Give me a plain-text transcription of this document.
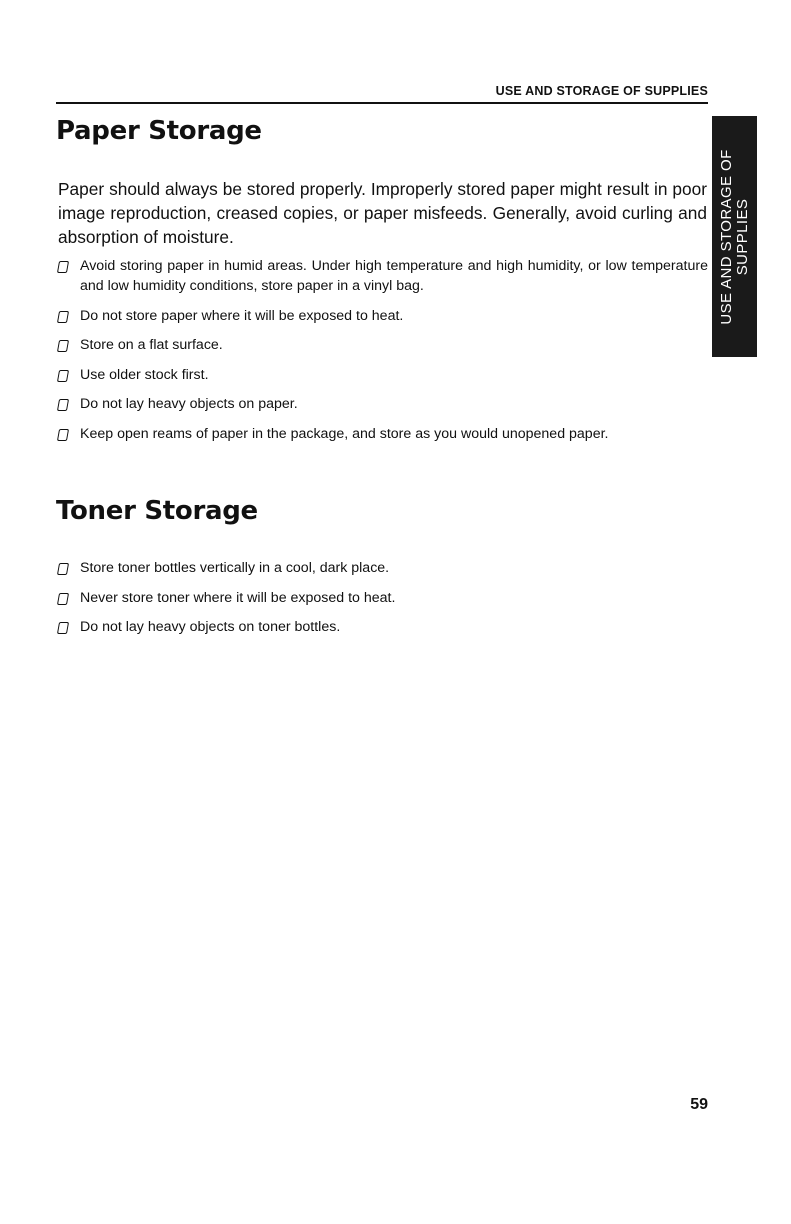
USE AND STORAGE OF SUPPLIES
USE AND STORAGE OF SUPPLIES
Paper Storage

Paper should always be stored properly. Improperly stored paper might result in poor image reproduction, creased copies, or paper misfeeds. Generally, avoid curling and absorption of moisture.

Avoid storing paper in humid areas. Under high temperature and high humidity, or low temperature and low humidity conditions, store paper in a vinyl bag.
Do not store paper where it will be exposed to heat.
Store on a flat surface.
Use older stock first.
Do not lay heavy objects on paper.
Keep open reams of paper in the package, and store as you would unopened paper.
Toner Storage
Store toner bottles vertically in a cool, dark place.
Never store toner where it will be exposed to heat.
Do not lay heavy objects on toner bottles.
59
